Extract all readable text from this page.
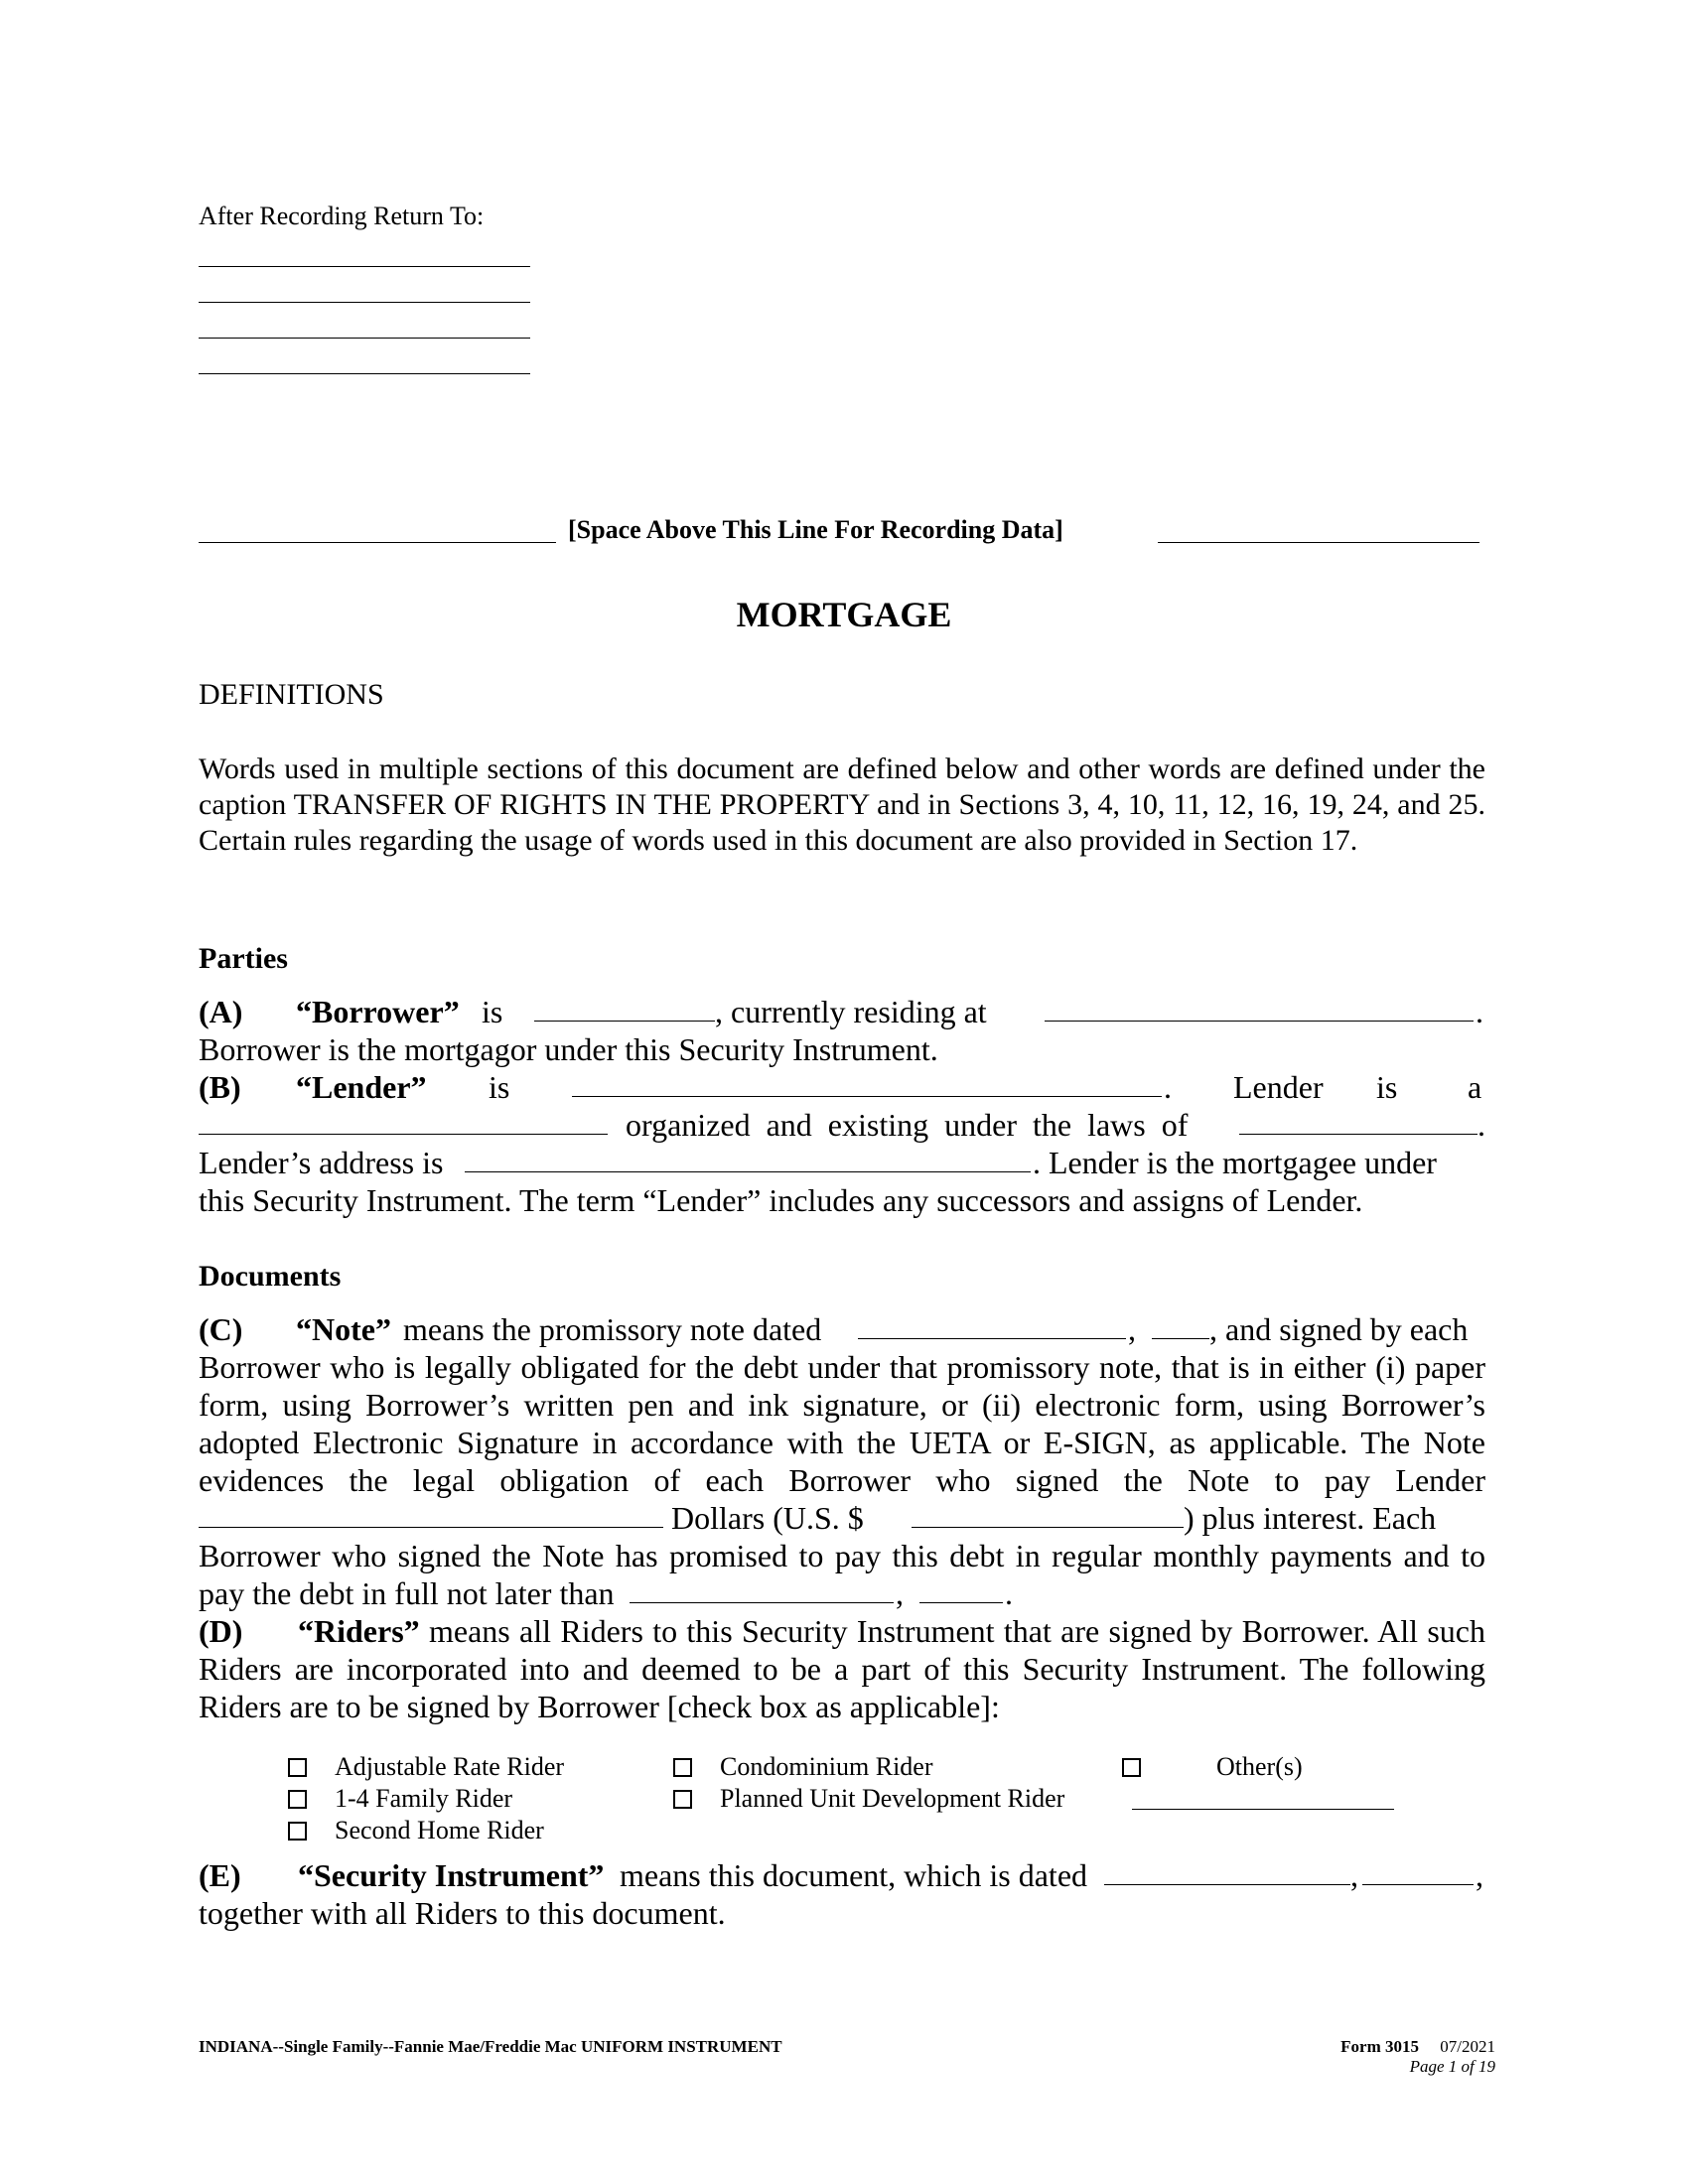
After Recording Return To:
[Space Above This Line For Recording Data]
MORTGAGE
DEFINITIONS
Words used in multiple sections of this document are defined below and other words are defined under the caption TRANSFER OF RIGHTS IN THE PROPERTY and in Sections 3, 4, 10, 11, 12, 16, 19, 24, and 25. Certain rules regarding the usage of words used in this document are also provided in Section 17.
Parties
(A) “Borrower” is	, currently residing at	.
Borrower is the mortgagor under this Security Instrument.
(B) “Lender” is	. Lender is a
organized and existing under the laws of	.
Lender’s address is	. Lender is the mortgagee under
this Security Instrument. The term “Lender” includes any successors and assigns of Lender.
Documents
(C) “Note” means the promissory note dated	, , and signed by each
Borrower who is legally obligated for the debt under that promissory note, that is in either (i) paper form, using Borrower’s written pen and ink signature, or (ii) electronic form, using Borrower’s adopted Electronic Signature in accordance with the UETA or E-SIGN, as applicable. The Note evidences the legal obligation of each Borrower who signed the Note to pay Lender
Dollars (U.S. $	) plus interest. Each
Borrower who signed the Note has promised to pay this debt in regular monthly payments and to
pay the debt in full not later than	,	.
(D) “Riders” means all Riders to this Security Instrument that are signed by Borrower. All such Riders are incorporated into and deemed to be a part of this Security Instrument. The following Riders are to be signed by Borrower [check box as applicable]:
Adjustable Rate Rider
1-4 Family Rider
Second Home Rider
Condominium Rider
Planned Unit Development Rider
Other(s)
(E) “Security Instrument” means this document, which is dated	,	,
together with all Riders to this document.
INDIANA--Single Family--Fannie Mae/Freddie Mac UNIFORM INSTRUMENT	Form 3015 07/2021
Page 1 of 19
